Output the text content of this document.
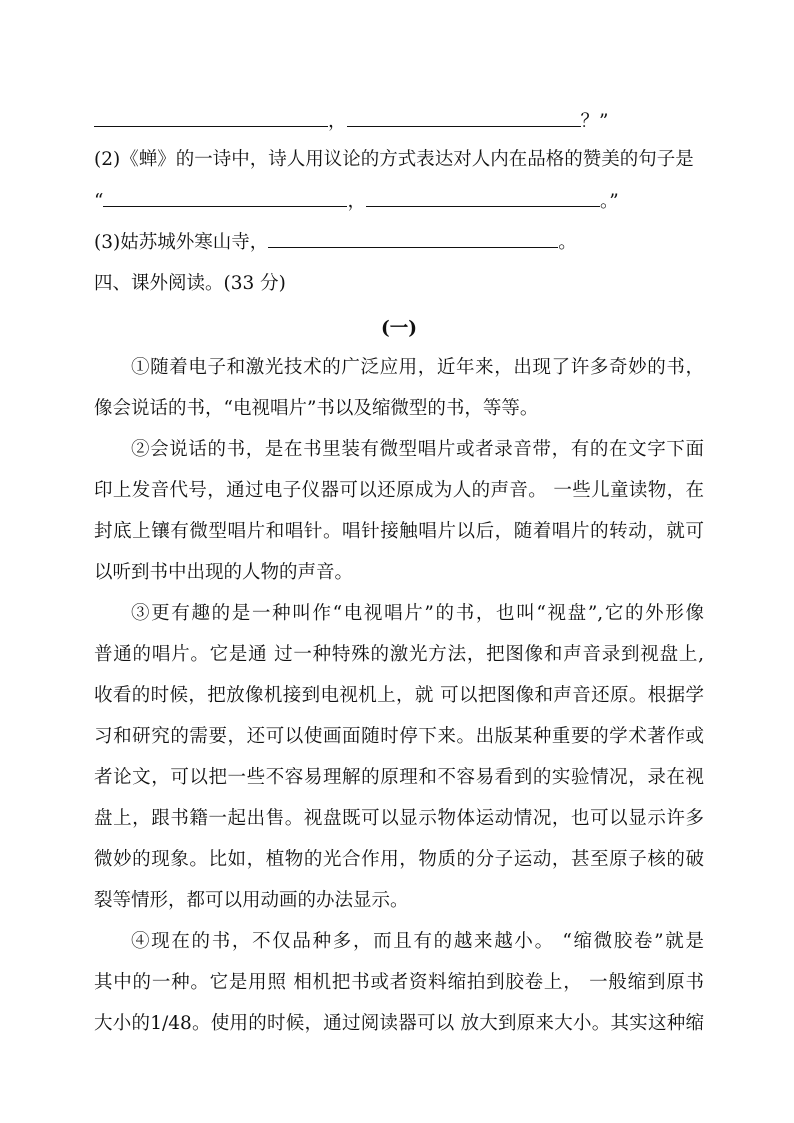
，	？”
(2)《蝉》的一诗中，诗人用议论的方式表达对人内在品格的赞美的句子是
“	，	。”
(3)姑苏城外寒山寺，	。
四、课外阅读。(33 分)
(一)
①随着电子和激光技术的广泛应用，近年来，出现了许多奇妙的书，
像会说话的书，“电视唱片”书以及缩微型的书，等等。
②会说话的书，是在书里装有微型唱片或者录音带，有的在文字下面
印上发音代号，通过电子仪器可以还原成为人的声音。 一些儿童读物，在
封底上镶有微型唱片和唱针。唱针接触唱片以后，随着唱片的转动，就可
以听到书中出现的人物的声音。
③更有趣的是一种叫作“电视唱片”的书，也叫“视盘”,它的外形像
普通的唱片。它是通 过一种特殊的激光方法，把图像和声音录到视盘上,
收看的时候，把放像机接到电视机上，就 可以把图像和声音还原。根据学
习和研究的需要，还可以使画面随时停下来。出版某种重要的学术著作或
者论文，可以把一些不容易理解的原理和不容易看到的实验情况，录在视
盘上，跟书籍一起出售。视盘既可以显示物体运动情况，也可以显示许多
微妙的现象。比如，植物的光合作用，物质的分子运动，甚至原子核的破
裂等情形，都可以用动画的办法显示。
④现在的书，不仅品种多，而且有的越来越小。 “缩微胶卷”就是
其中的一种。它是用照 相机把书或者资料缩拍到胶卷上， 一般缩到原书
大小的1/48。使用的时候，通过阅读器可以 放大到原来大小。其实这种缩
